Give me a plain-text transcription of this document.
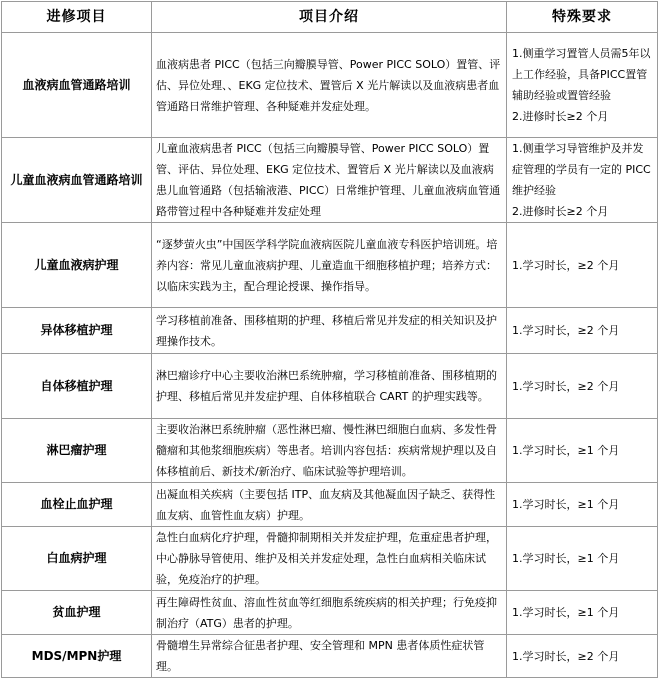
进修项目	项目介绍	特殊要求
血液病血管通路培训	血液病患者 PICC（包括三向瓣膜导管、Power PICC SOLO）置管、评估、异位处理、、EKG 定位技术、置管后 X 光片解读以及血液病患者血管通路日常维护管理、各种疑难并发症处理。	1.侧重学习置管人员需5年以上工作经验，具备PICC置管辅助经验或置管经验
2.进修时长≥2 个月
儿童血液病血管通路培训	儿童血液病患者 PICC（包括三向瓣膜导管、Power PICC SOLO）置管、评估、异位处理、EKG 定位技术、置管后 X 光片解读以及血液病患儿血管通路（包括输液港、PICC）日常维护管理、儿童血液病血管通路带管过程中各种疑难并发症处理	1.侧重学习导管维护及并发症管理的学员有一定的 PICC 维护经验
2.进修时长≥2 个月
儿童血液病护理	“逐梦萤火虫”中国医学科学院血液病医院儿童血液专科医护培训班。培养内容：常见儿童血液病护理、儿童造血干细胞移植护理；培养方式：以临床实践为主，配合理论授课、操作指导。	1.学习时长，≥2 个月
异体移植护理	学习移植前准备、围移植期的护理、移植后常见并发症的相关知识及护理操作技术。	1.学习时长，≥2 个月
自体移植护理	淋巴瘤诊疗中心主要收治淋巴系统肿瘤，学习移植前准备、围移植期的护理、移植后常见并发症护理、自体移植联合 CART 的护理实践等。	1.学习时长，≥2 个月
淋巴瘤护理	主要收治淋巴系统肿瘤（恶性淋巴瘤、慢性淋巴细胞白血病、多发性骨髓瘤和其他浆细胞疾病）等患者。培训内容包括：疾病常规护理以及自体移植前后、新技术/新治疗、临床试验等护理培训。	1.学习时长，≥1 个月
血栓止血护理	出凝血相关疾病（主要包括 ITP、血友病及其他凝血因子缺乏、获得性血友病、血管性血友病）护理。	1.学习时长，≥1 个月
白血病护理	急性白血病化疗护理，骨髓抑制期相关并发症护理，危重症患者护理，中心静脉导管使用、维护及相关并发症处理，急性白血病相关临床试验，免疫治疗的护理。	1.学习时长，≥1 个月
贫血护理	再生障碍性贫血、溶血性贫血等红细胞系统疾病的相关护理；行免疫抑制治疗（ATG）患者的护理。	1.学习时长，≥1 个月
MDS/MPN护理	骨髓增生异常综合征患者护理、安全管理和 MPN 患者体质性症状管理。	1.学习时长，≥2 个月
